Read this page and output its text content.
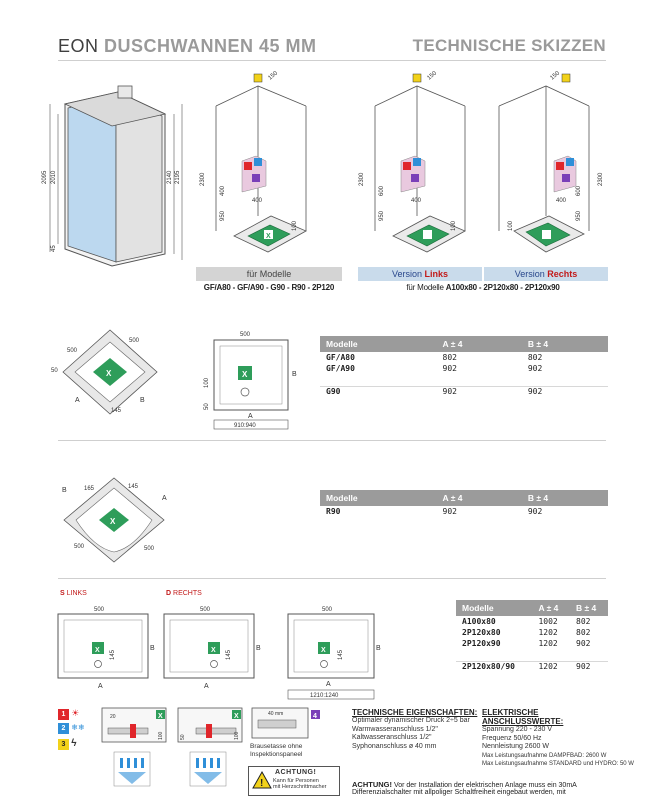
EON DUSCHWANNEN 45 MM	TECHNISCHE SKIZZEN
2095 2010
45
2140 2195
X
2300
400
950
400
100
150
2300
600
950
400
100
150	150
400
2300
600
950
100
für Modelle
GF/A80 - GF/A90 - G90 - R90 - 2P120
Version Links	Version Rechts
für Modelle A100x80 - 2P120x80 - 2P120x90
X
500
500
50
A
145
B
X
500
100
50
B
A
910:940
Modelle	A ± 4	B ± 4
GF/A80	802	802
GF/A90	902	902

G90	902	902
X
B	165	145
A
500	500
Modelle	A ± 4	B ± 4
R90	902	902
S LINKS	D RECHTS
X
500
145
B
A
X
500
145
B
A
X
500
145
B
A
1210:1240
Modelle	A ± 4	B ± 4
A100x80	1002	802
2P120x80	1202	802
2P120x90	1202	902

2P120x80/90	1202	902
1 ☀
2 ❄❄
3 ϟ
X
20
100
X
50	100
4
40 mm
Brausetasse ohne Inspektionspaneel
!
ACHTUNG!
Kann für Personen
mit Herzschrittmacher
TECHNISCHE EIGENSCHAFTEN:
Optimaler dynamischer Druck 2÷5 bar
Warmwasseranschluss 1/2"
Kaltwasseranschluss 1/2"
Syphonanschluss ø 40 mm
ELEKTRISCHE ANSCHLUSSWERTE:
Spannung 220 - 230 V
Frequenz 50/60 Hz
Nennleistung 2600 W
Max Leistungsaufnahme DAMPFBAD: 2600 W
Max Leistungsaufnahme STANDARD und HYDRO: 50 W
ACHTUNG! Vor der Installation der elektrischen Anlage muss ein 30mA
Differenzialschalter mit allpoliger Schaltfreiheit eingebaut werden, mit
